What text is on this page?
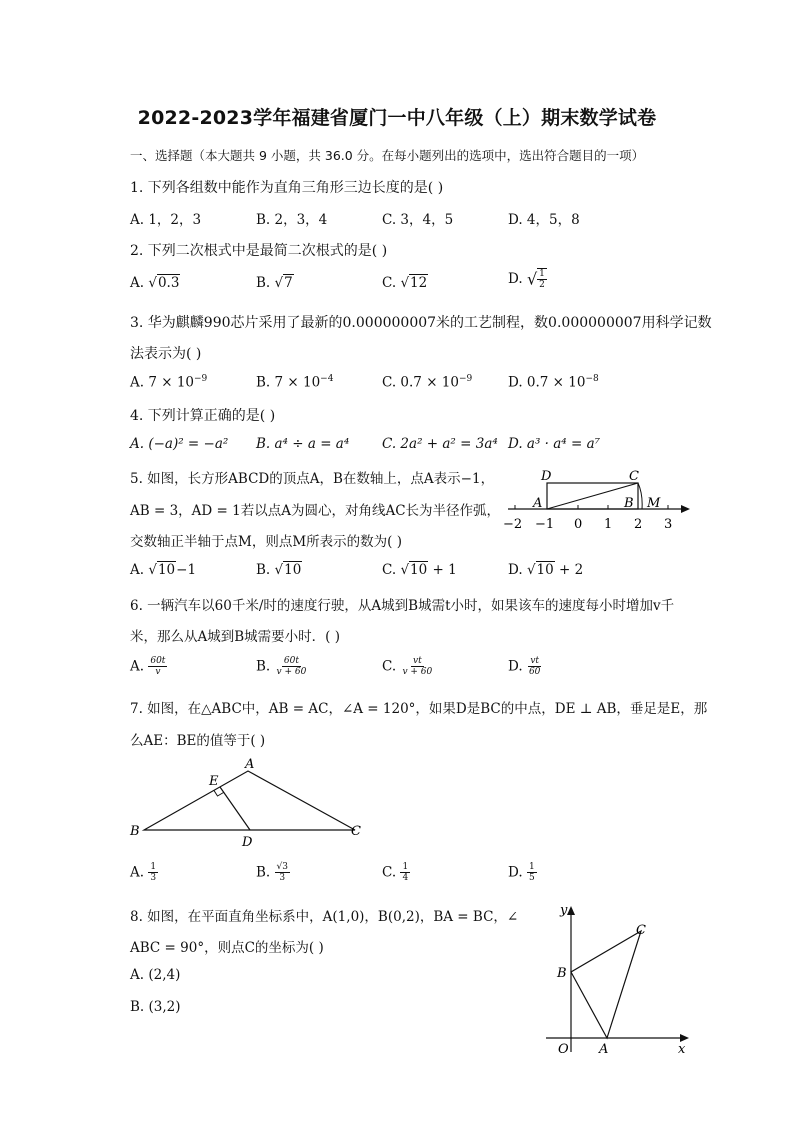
2022-2023学年福建省厦门一中八年级（上）期末数学试卷
一、选择题（本大题共 9 小题，共 36.0 分。在每小题列出的选项中，选出符合题目的一项）
1. 下列各组数中能作为直角三角形三边长度的是( )
A. 1，2，3	B. 2，3，4	C. 3，4，5	D. 4，5，8
2. 下列二次根式中是最简二次根式的是( )
A. √0.3	B. √7	C. √12	D. √ $\frac{1}{2}$
3. 华为麒麟990芯片采用了最新的0.000000007米的工艺制程，数0.000000007用科学记数
法表示为( )
A. $7 \times 10^{-9}$	B. $7 \times 10^{-4}$	C. $0.7 \times 10^{-9}$	D. $0.7 \times 10^{-8}$
4. 下列计算正确的是( )
A. (−a)² = −a² B. a⁴ ÷ a = a⁴ C. 2a² + a² = 3a⁴ D. a³ · a⁴ = a⁷
5. 如图，长方形ABCD的顶点A，B在数轴上，点A表示−1，
AB = 3，AD = 1若以点A为圆心，对角线AC长为半径作弧，
交数轴正半轴于点M，则点M所表示的数为( )
D	C
A	B M
−2 −1 0 1 2 3
A. √10−1	B. √10	C. √10 + 1	D. √10 + 2
6. 一辆汽车以60千米/时的速度行驶，从A城到B城需t小时，如果该车的速度每小时增加v千
米，那么从A城到B城需要小时．( )
A. $\frac{60t}{v}$	B. $\frac{60t}{v + 60}$	C. $\frac{vt}{v + 60}$	D. $\frac{vt}{60}$
7. 如图，在△ABC中，AB = AC，∠A = 120°，如果D是BC的中点，DE ⊥ AB，垂足是E，那
么AE：BE的值等于( )
A
E
B
D
C
A. $\frac{1}{3}$	B. $\frac{√3}{3}$	C. $\frac{1}{4}$	D. $\frac{1}{5}$
8. 如图，在平面直角坐标系中，A(1,0)，B(0,2)，BA = BC，∠
ABC = 90°，则点C的坐标为( )
A. (2,4)
B. (3,2)
y
C
B
O A	x
